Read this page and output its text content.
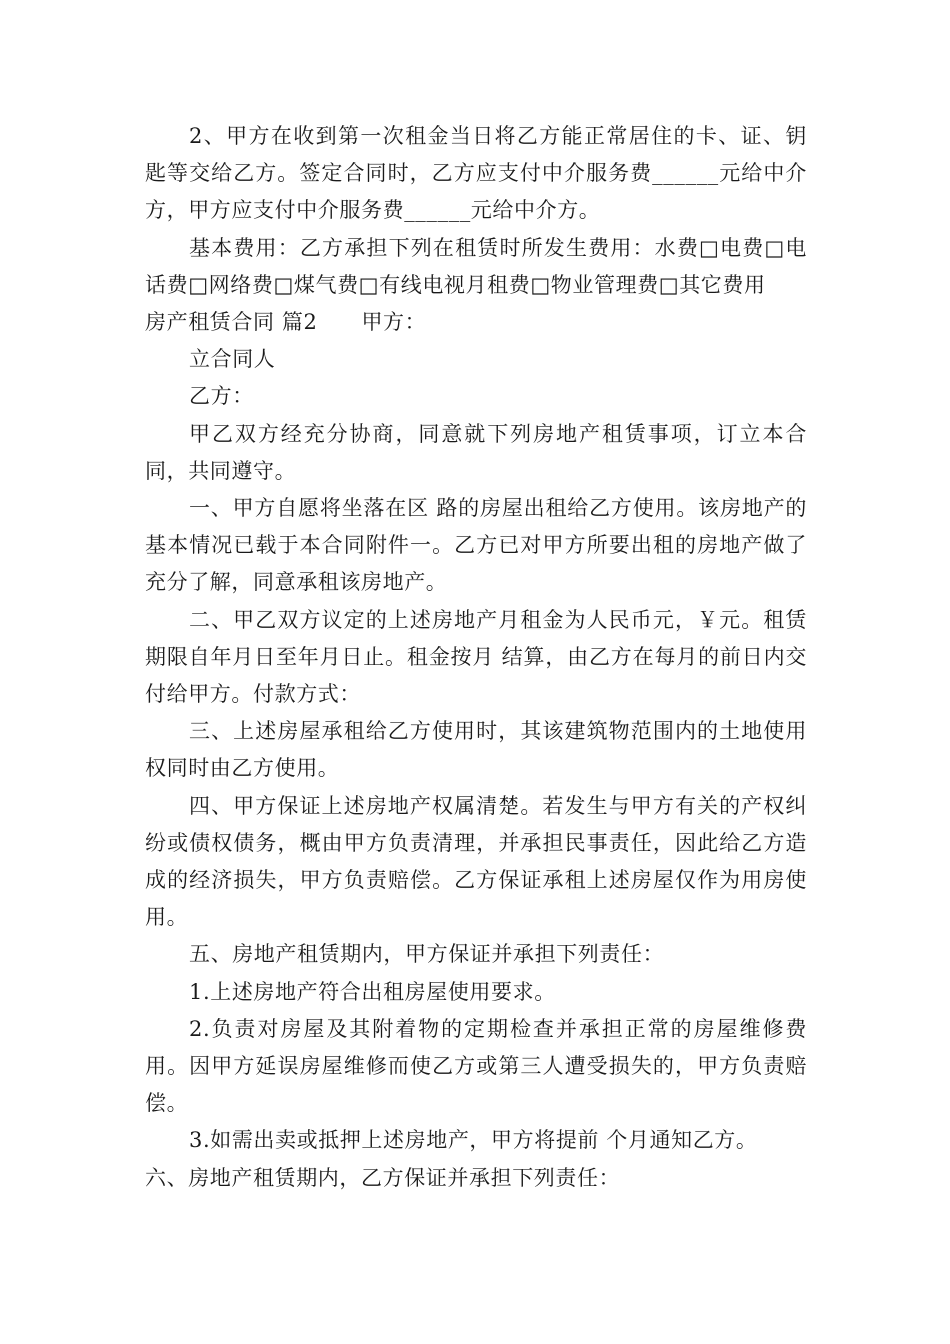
2、甲方在收到第一次租金当日将乙方能正常居住的卡、证、钥匙等交给乙方。签定合同时，乙方应支付中介服务费______元给中介方，甲方应支付中介服务费______元给中介方。

基本费用：乙方承担下列在租赁时所发生费用：水费□电费□电话费□网络费□煤气费□有线电视月租费□物业管理费□其它费用

房产租赁合同 篇2 甲方：

立合同人

乙方：

甲乙双方经充分协商，同意就下列房地产租赁事项，订立本合同，共同遵守。

一、甲方自愿将坐落在区 路的房屋出租给乙方使用。该房地产的基本情况已载于本合同附件一。乙方已对甲方所要出租的房地产做了充分了解，同意承租该房地产。

二、甲乙双方议定的上述房地产月租金为人民币元，￥元。租赁期限自年月日至年月日止。租金按月 结算，由乙方在每月的前日内交付给甲方。付款方式：

三、上述房屋承租给乙方使用时，其该建筑物范围内的土地使用权同时由乙方使用。

四、甲方保证上述房地产权属清楚。若发生与甲方有关的产权纠纷或债权债务，概由甲方负责清理，并承担民事责任，因此给乙方造成的经济损失，甲方负责赔偿。乙方保证承租上述房屋仅作为用房使用。

五、房地产租赁期内，甲方保证并承担下列责任：

1.上述房地产符合出租房屋使用要求。

2.负责对房屋及其附着物的定期检查并承担正常的房屋维修费用。因甲方延误房屋维修而使乙方或第三人遭受损失的，甲方负责赔偿。

3.如需出卖或抵押上述房地产，甲方将提前 个月通知乙方。

六、房地产租赁期内，乙方保证并承担下列责任：
